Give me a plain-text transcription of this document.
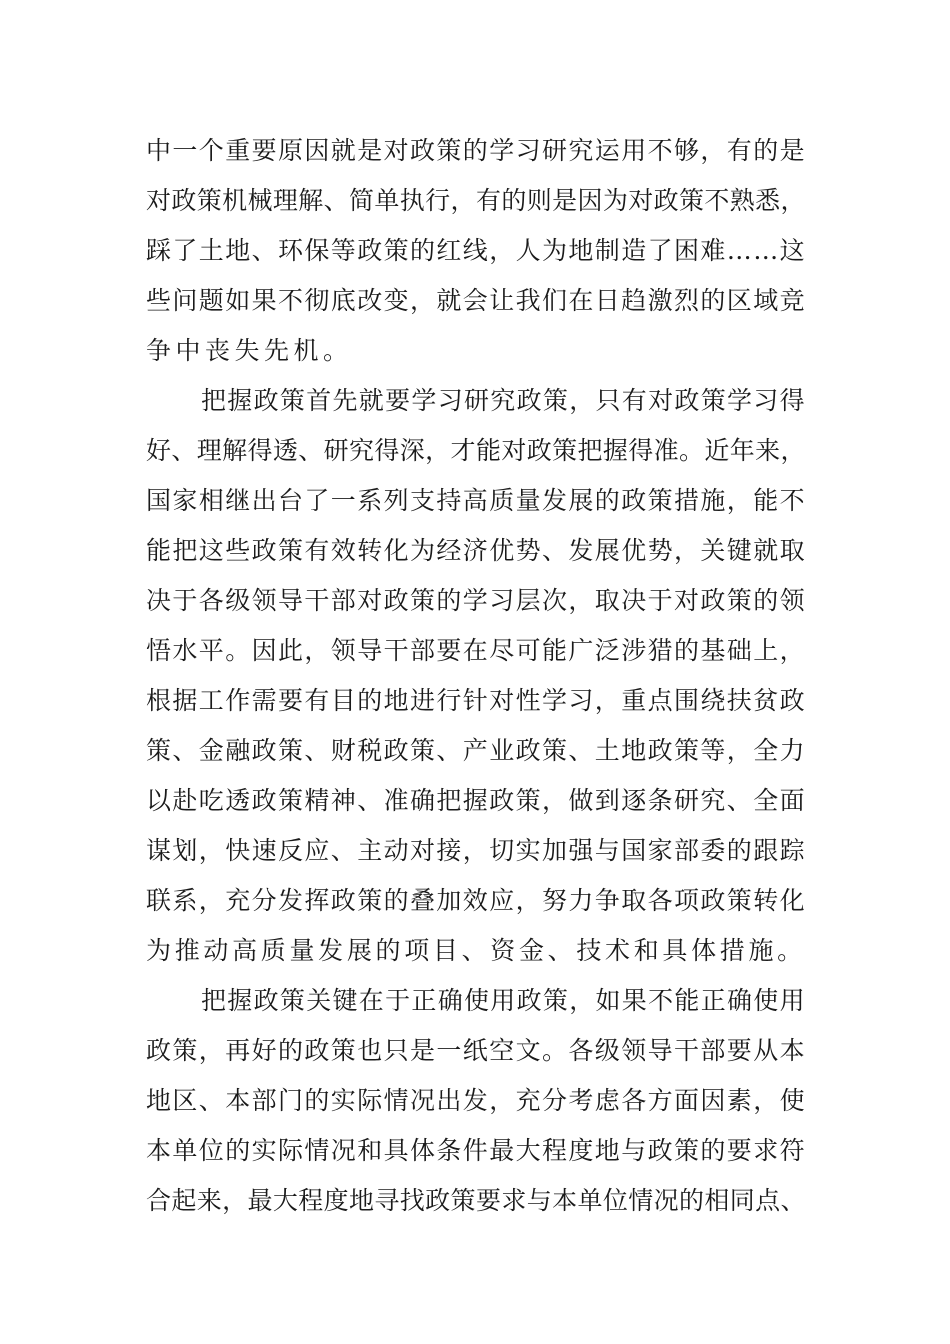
中一个重要原因就是对政策的学习研究运用不够，有的是
对政策机械理解、简单执行，有的则是因为对政策不熟悉，
踩了土地、环保等政策的红线，人为地制造了困难……这
些问题如果不彻底改变，就会让我们在日趋激烈的区域竞
争中丧失先机。
把握政策首先就要学习研究政策，只有对政策学习得
好、理解得透、研究得深，才能对政策把握得准。近年来，
国家相继出台了一系列支持高质量发展的政策措施，能不
能把这些政策有效转化为经济优势、发展优势，关键就取
决于各级领导干部对政策的学习层次，取决于对政策的领
悟水平。因此，领导干部要在尽可能广泛涉猎的基础上，
根据工作需要有目的地进行针对性学习，重点围绕扶贫政
策、金融政策、财税政策、产业政策、土地政策等，全力
以赴吃透政策精神、准确把握政策，做到逐条研究、全面
谋划，快速反应、主动对接，切实加强与国家部委的跟踪
联系，充分发挥政策的叠加效应，努力争取各项政策转化
为推动高质量发展的项目、资金、技术和具体措施。
把握政策关键在于正确使用政策，如果不能正确使用
政策，再好的政策也只是一纸空文。各级领导干部要从本
地区、本部门的实际情况出发，充分考虑各方面因素，使
本单位的实际情况和具体条件最大程度地与政策的要求符
合起来，最大程度地寻找政策要求与本单位情况的相同点、
